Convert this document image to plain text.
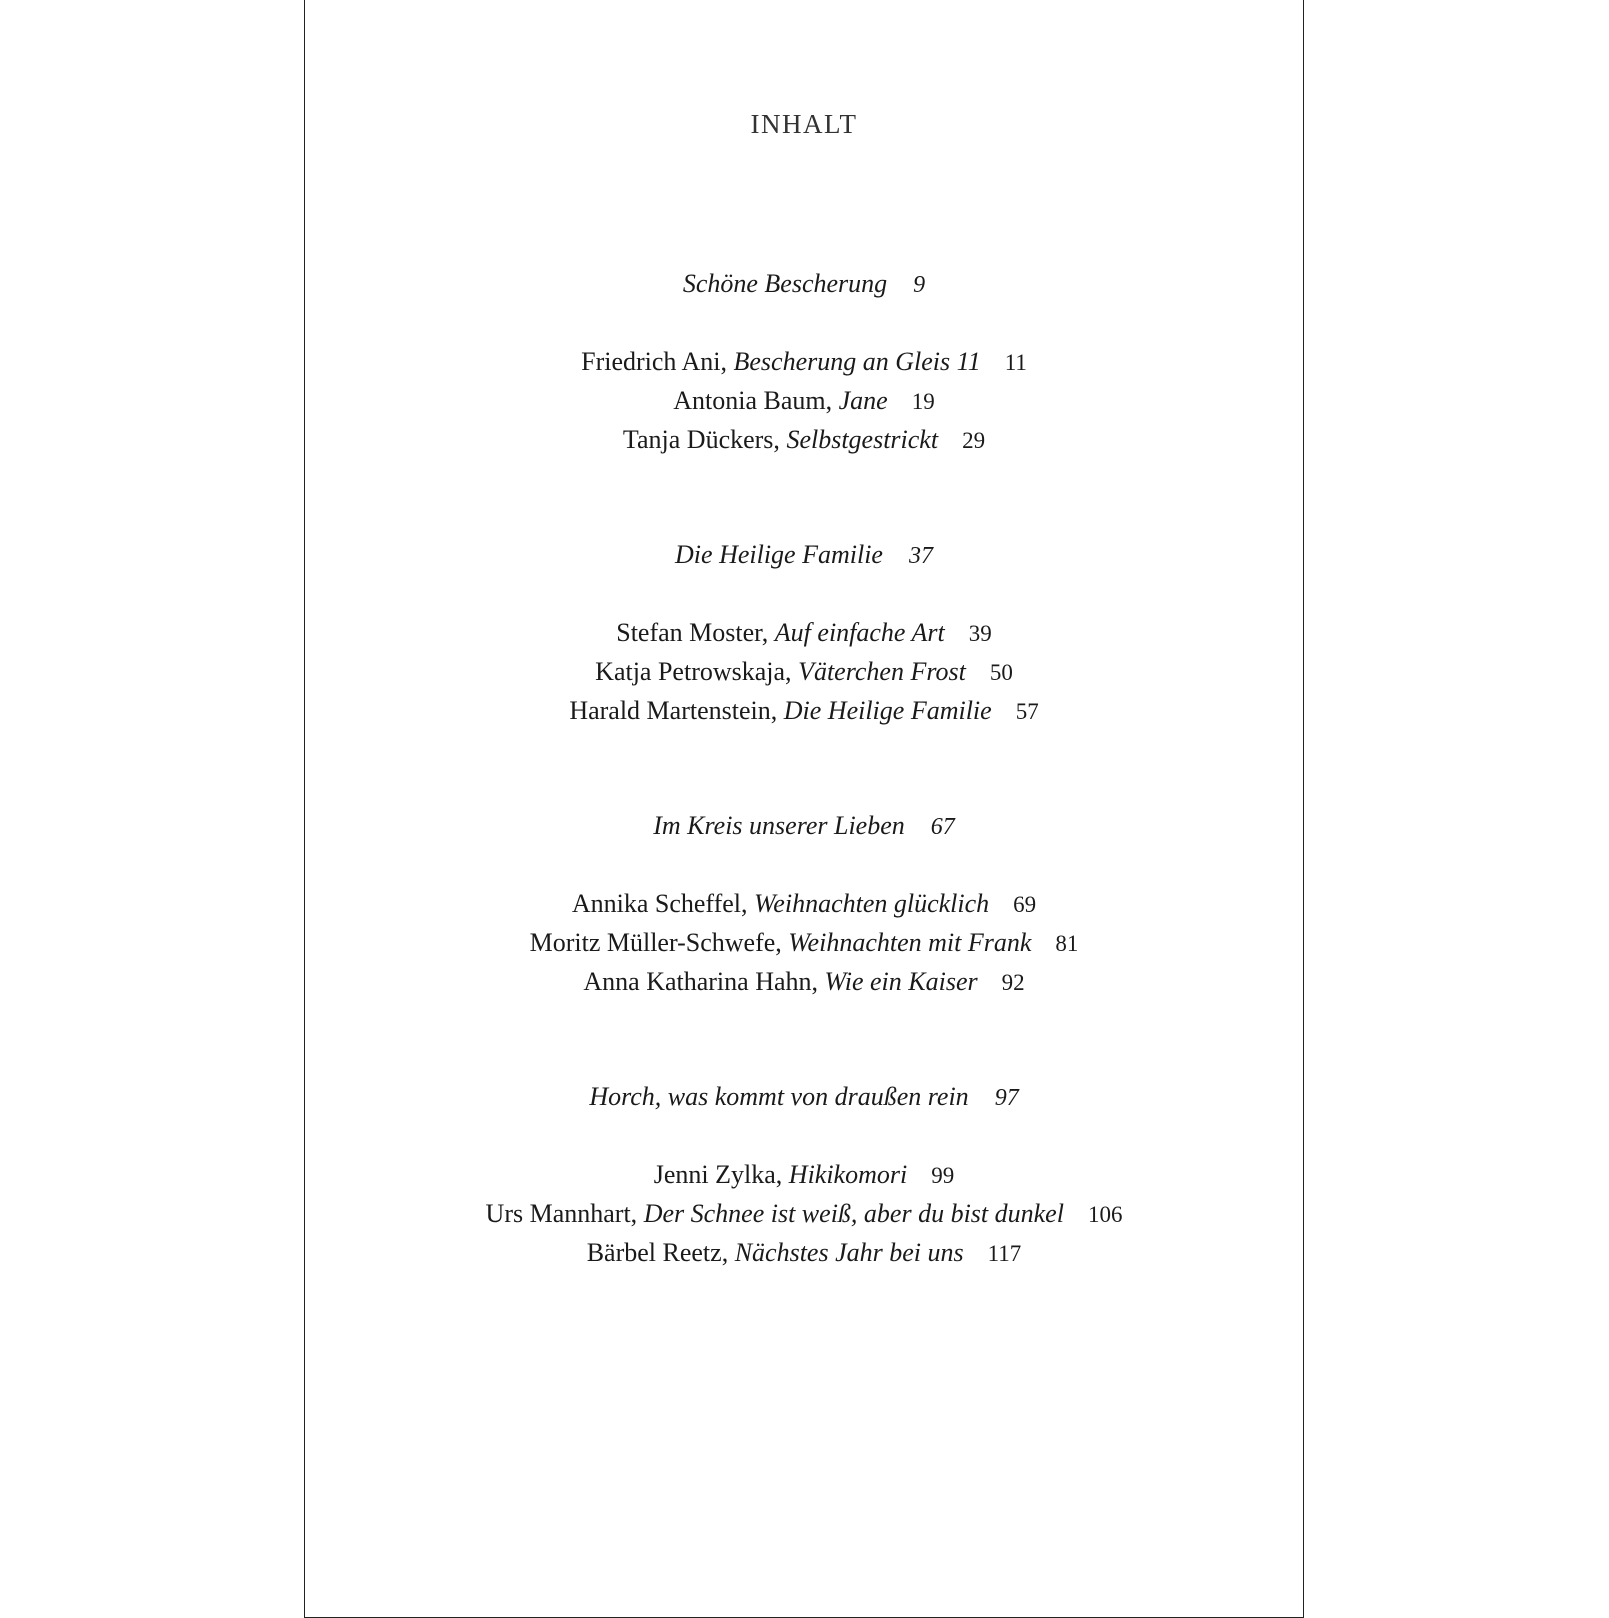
INHALT
Schöne Bescherung 9
Friedrich Ani, Bescherung an Gleis 11 11
Antonia Baum, Jane 19
Tanja Dückers, Selbstgestrickt 29
Die Heilige Familie 37
Stefan Moster, Auf einfache Art 39
Katja Petrowskaja, Väterchen Frost 50
Harald Martenstein, Die Heilige Familie 57
Im Kreis unserer Lieben 67
Annika Scheffel, Weihnachten glücklich 69
Moritz Müller-Schwefe, Weihnachten mit Frank 81
Anna Katharina Hahn, Wie ein Kaiser 92
Horch, was kommt von draußen rein 97
Jenni Zylka, Hikikomori 99
Urs Mannhart, Der Schnee ist weiß, aber du bist dunkel 106
Bärbel Reetz, Nächstes Jahr bei uns 117
